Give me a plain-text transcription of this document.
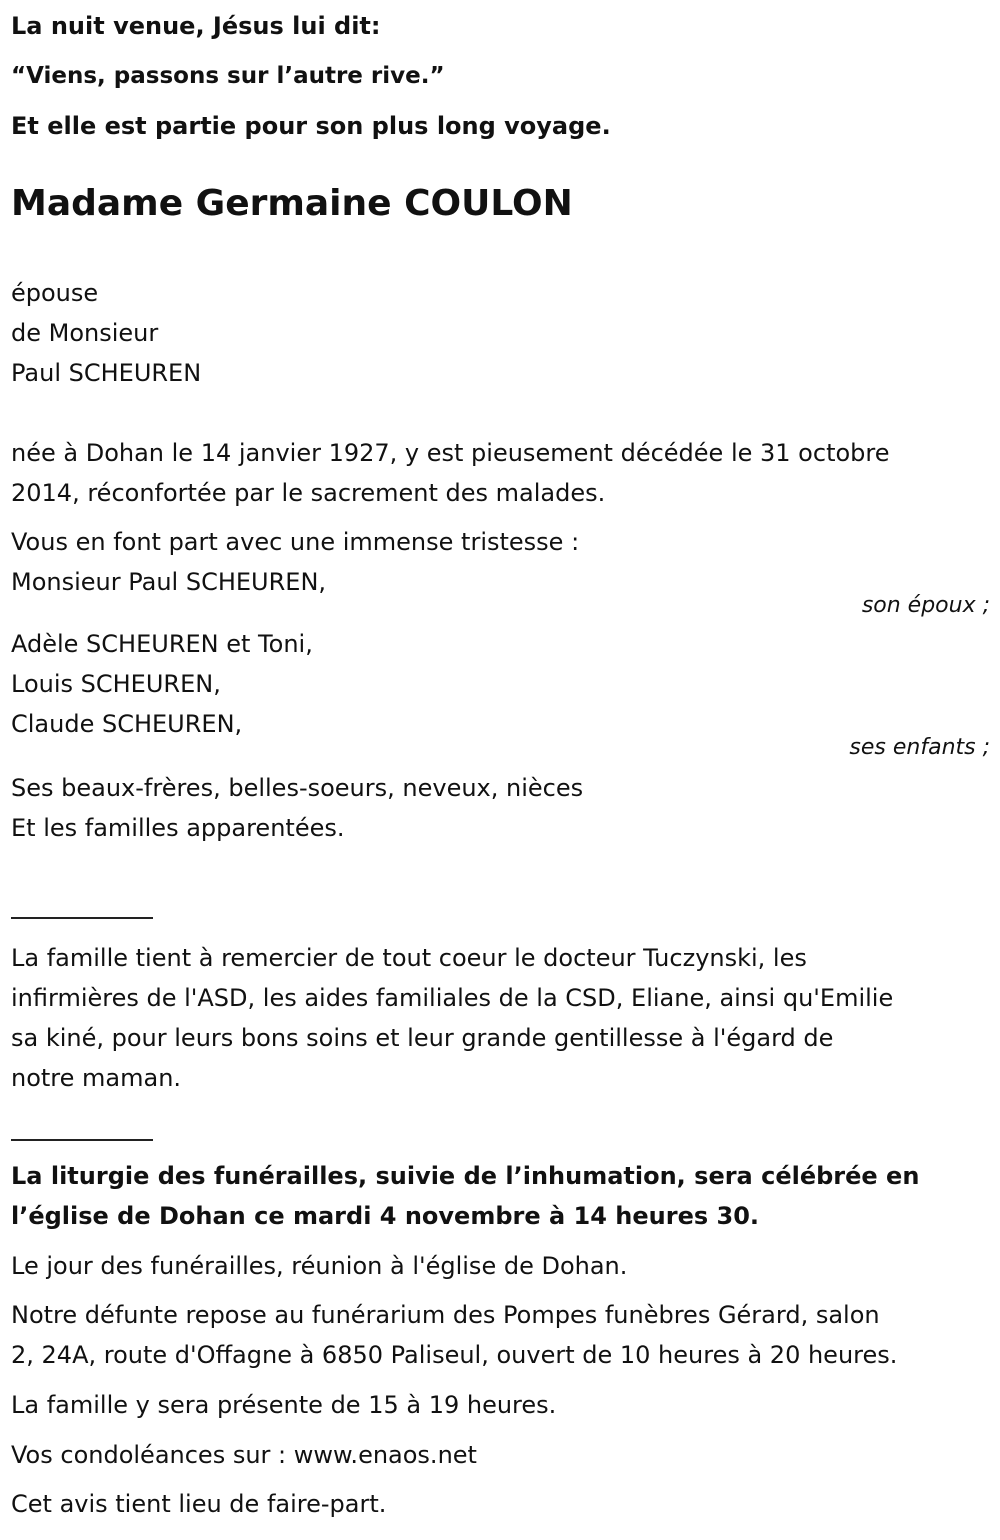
La nuit venue, Jésus lui dit:
“Viens, passons sur l’autre rive.”
Et elle est partie pour son plus long voyage.
Madame Germaine COULON
épouse
de Monsieur
Paul SCHEUREN
née à Dohan le 14 janvier 1927, y est pieusement décédée le 31 octobre
2014, réconfortée par le sacrement des malades.
Vous en font part avec une immense tristesse :
Monsieur Paul SCHEUREN,
son époux ;
Adèle SCHEUREN et Toni,
Louis SCHEUREN,
Claude SCHEUREN,
ses enfants ;
Ses beaux-frères, belles-soeurs, neveux, nièces
Et les familles apparentées.
La famille tient à remercier de tout coeur le docteur Tuczynski, les
infirmières de l'ASD, les aides familiales de la CSD, Eliane, ainsi qu'Emilie
sa kiné, pour leurs bons soins et leur grande gentillesse à l'égard de
notre maman.
La liturgie des funérailles, suivie de l’inhumation, sera célébrée en
l’église de Dohan ce mardi 4 novembre à 14 heures 30.
Le jour des funérailles, réunion à l'église de Dohan.
Notre défunte repose au funérarium des Pompes funèbres Gérard, salon
2, 24A, route d'Offagne à 6850 Paliseul, ouvert de 10 heures à 20 heures.
La famille y sera présente de 15 à 19 heures.
Vos condoléances sur : www.enaos.net
Cet avis tient lieu de faire-part.
